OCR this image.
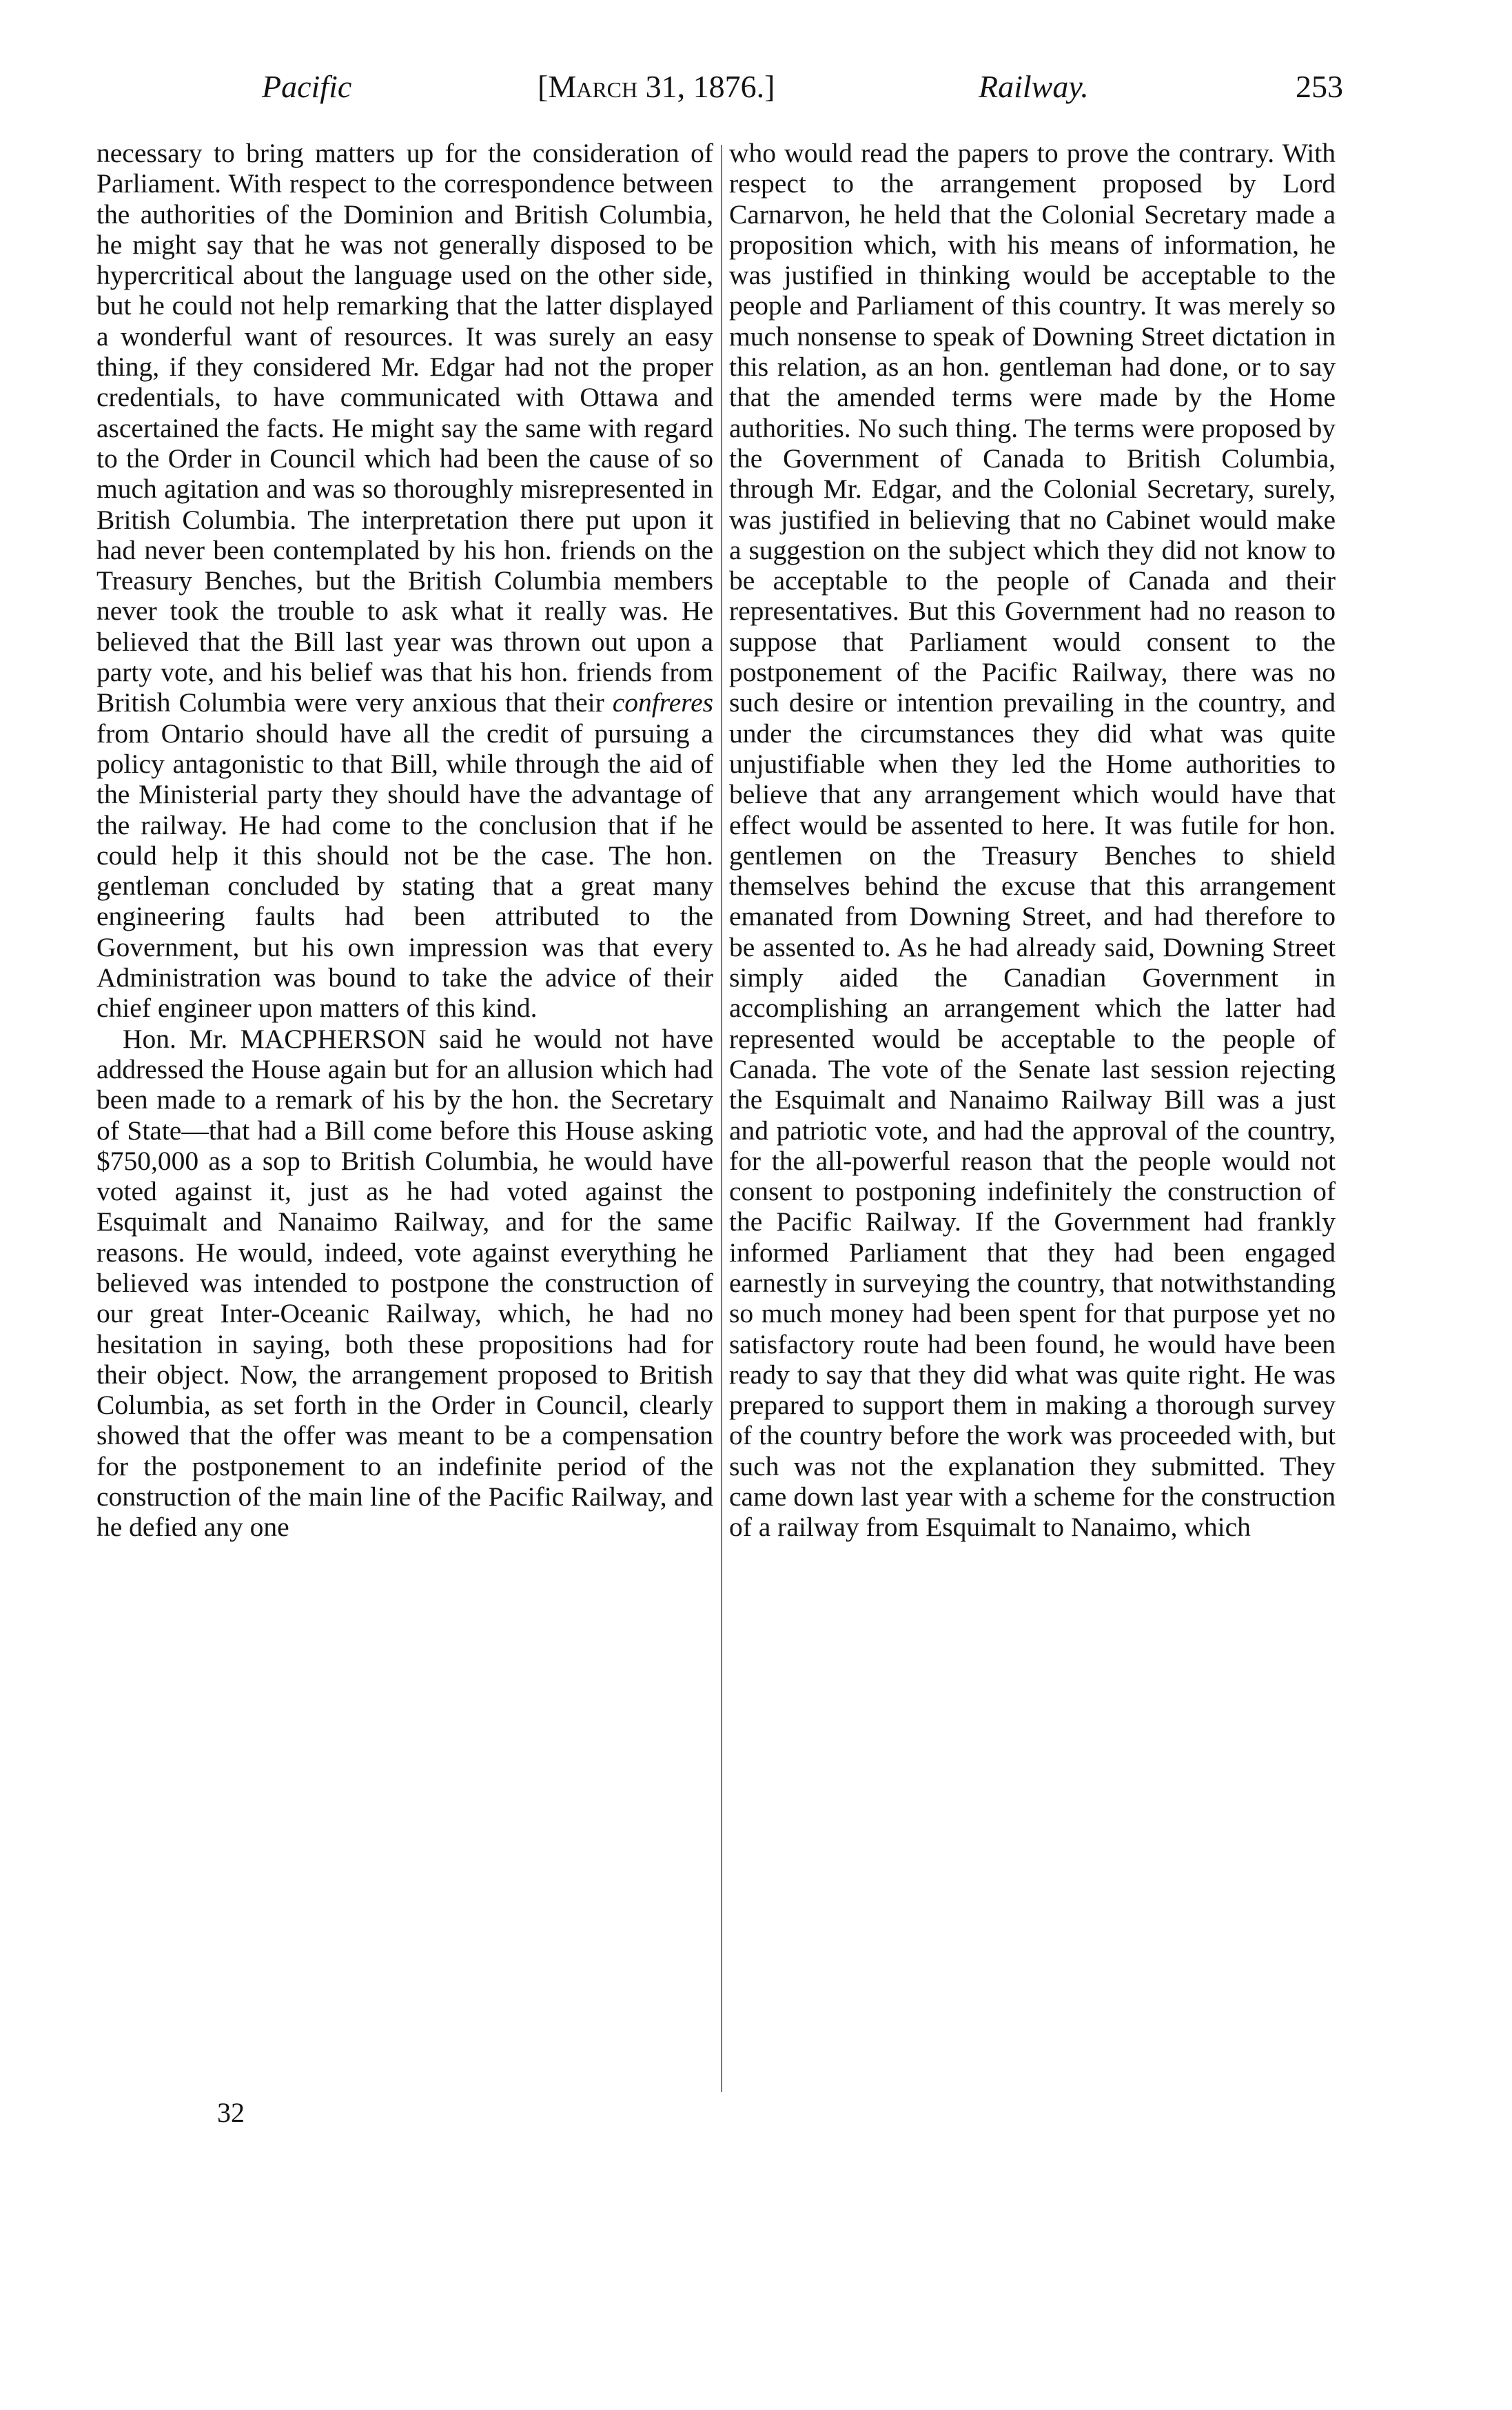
Pacific	[March 31, 1876.]	Railway.	253

necessary to bring matters up for the consideration of Parliament. With respect to the correspondence between the authorities of the Dominion and British Columbia, he might say that he was not generally disposed to be hypercritical about the language used on the other side, but he could not help remarking that the latter displayed a wonderful want of resources. It was surely an easy thing, if they considered Mr. Edgar had not the proper credentials, to have communicated with Ottawa and ascertained the facts. He might say the same with regard to the Order in Council which had been the cause of so much agitation and was so thoroughly misrepresented in British Columbia. The interpretation there put upon it had never been contemplated by his hon. friends on the Treasury Benches, but the British Columbia members never took the trouble to ask what it really was. He believed that the Bill last year was thrown out upon a party vote, and his belief was that his hon. friends from British Columbia were very anxious that their confreres from Ontario should have all the credit of pursuing a policy antagonistic to that Bill, while through the aid of the Ministerial party they should have the advantage of the railway. He had come to the conclusion that if he could help it this should not be the case. The hon. gentleman concluded by stating that a great many engineering faults had been attributed to the Government, but his own impression was that every Administration was bound to take the advice of their chief engineer upon matters of this kind.

Hon. Mr. MACPHERSON said he would not have addressed the House again but for an allusion which had been made to a remark of his by the hon. the Secretary of State—that had a Bill come before this House asking $750,000 as a sop to British Columbia, he would have voted against it, just as he had voted against the Esquimalt and Nanaimo Railway, and for the same reasons. He would, indeed, vote against everything he believed was intended to postpone the construction of our great Inter-Oceanic Railway, which, he had no hesitation in saying, both these propositions had for their object. Now, the arrangement proposed to British Columbia, as set forth in the Order in Council, clearly showed that the offer was meant to be a compensation for the postponement to an indefinite period of the construction of the main line of the Pacific Railway, and he defied any one

who would read the papers to prove the contrary. With respect to the arrangement proposed by Lord Carnarvon, he held that the Colonial Secretary made a proposition which, with his means of information, he was justified in thinking would be acceptable to the people and Parliament of this country. It was merely so much nonsense to speak of Downing Street dictation in this relation, as an hon. gentleman had done, or to say that the amended terms were made by the Home authorities. No such thing. The terms were proposed by the Government of Canada to British Columbia, through Mr. Edgar, and the Colonial Secretary, surely, was justified in believing that no Cabinet would make a suggestion on the subject which they did not know to be acceptable to the people of Canada and their representatives. But this Government had no reason to suppose that Parliament would consent to the postponement of the Pacific Railway, there was no such desire or intention prevailing in the country, and under the circumstances they did what was quite unjustifiable when they led the Home authorities to believe that any arrangement which would have that effect would be assented to here. It was futile for hon. gentlemen on the Treasury Benches to shield themselves behind the excuse that this arrangement emanated from Downing Street, and had therefore to be assented to. As he had already said, Downing Street simply aided the Canadian Government in accomplishing an arrangement which the latter had represented would be acceptable to the people of Canada. The vote of the Senate last session rejecting the Esquimalt and Nanaimo Railway Bill was a just and patriotic vote, and had the approval of the country, for the all-powerful reason that the people would not consent to postponing indefinitely the construction of the Pacific Railway. If the Government had frankly informed Parliament that they had been engaged earnestly in surveying the country, that notwithstanding so much money had been spent for that purpose yet no satisfactory route had been found, he would have been ready to say that they did what was quite right. He was prepared to support them in making a thorough survey of the country before the work was proceeded with, but such was not the explanation they submitted. They came down last year with a scheme for the construction of a railway from Esquimalt to Nanaimo, which

32
